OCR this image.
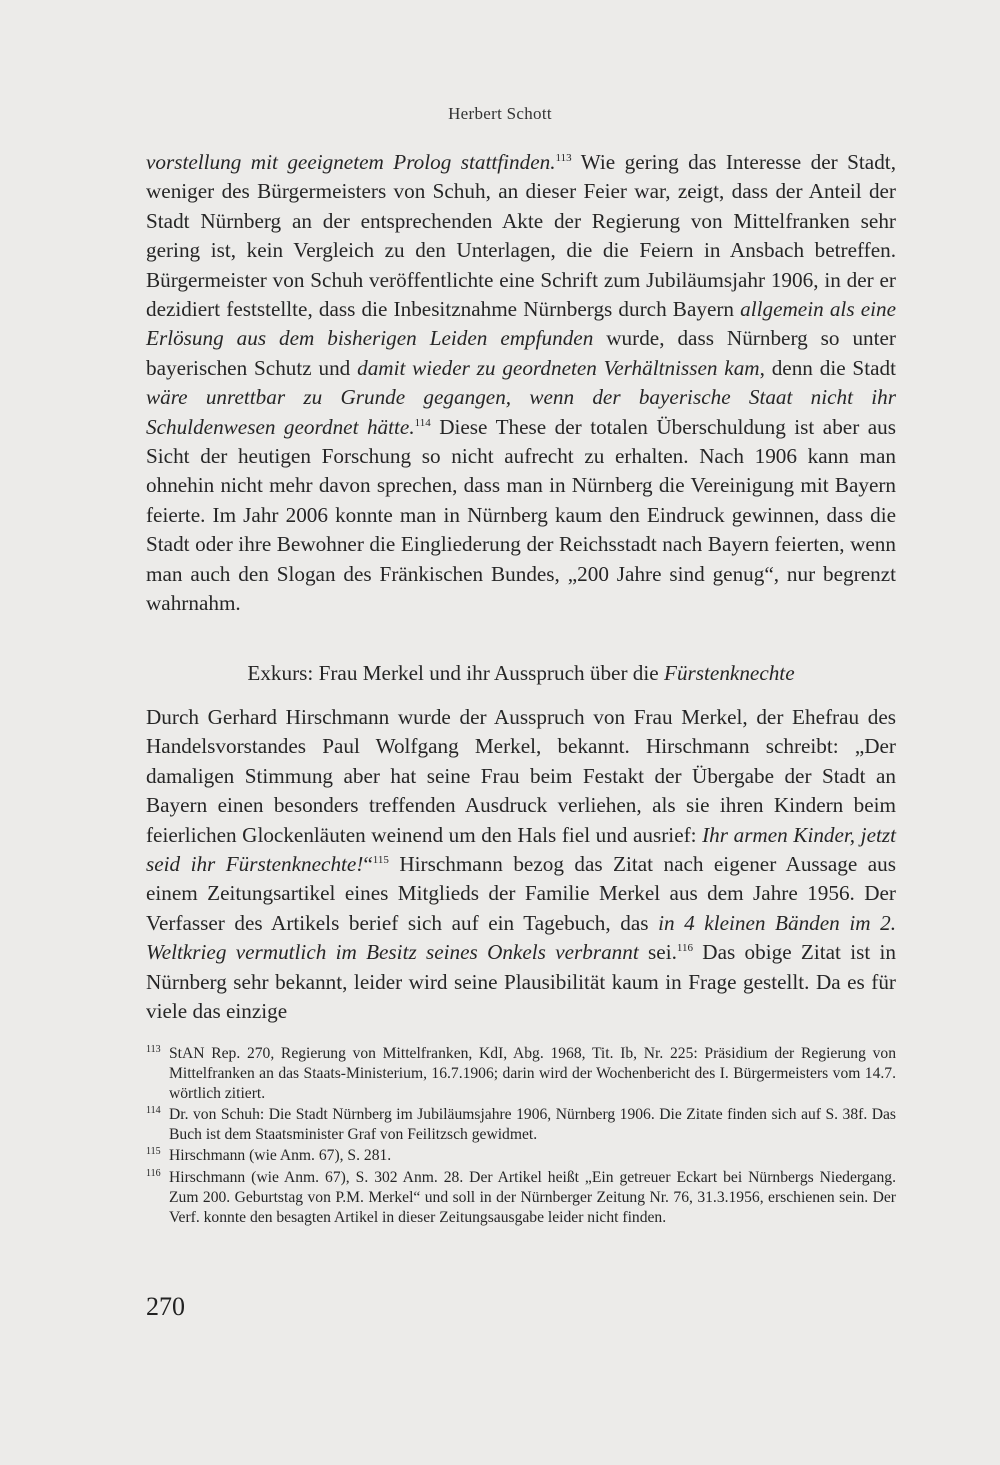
Herbert Schott

vorstellung mit geeignetem Prolog stattfinden.$^{113}$ Wie gering das Interesse der Stadt, weniger des Bürgermeisters von Schuh, an dieser Feier war, zeigt, dass der Anteil der Stadt Nürnberg an der entsprechenden Akte der Regierung von Mittelfranken sehr gering ist, kein Vergleich zu den Unterlagen, die die Feiern in Ansbach betreffen. Bürgermeister von Schuh veröffentlichte eine Schrift zum Jubiläumsjahr 1906, in der er dezidiert feststellte, dass die Inbesitznahme Nürnbergs durch Bayern allgemein als eine Erlösung aus dem bisherigen Leiden empfunden wurde, dass Nürnberg so unter bayerischen Schutz und damit wieder zu geordneten Verhältnissen kam, denn die Stadt wäre unrettbar zu Grunde gegangen, wenn der bayerische Staat nicht ihr Schuldenwesen geordnet hätte.$^{114}$ Diese These der totalen Überschuldung ist aber aus Sicht der heutigen Forschung so nicht aufrecht zu erhalten. Nach 1906 kann man ohnehin nicht mehr davon sprechen, dass man in Nürnberg die Vereinigung mit Bayern feierte. Im Jahr 2006 konnte man in Nürnberg kaum den Eindruck gewinnen, dass die Stadt oder ihre Bewohner die Eingliederung der Reichsstadt nach Bayern feierten, wenn man auch den Slogan des Fränkischen Bundes, „200 Jahre sind genug“, nur begrenzt wahrnahm.

Exkurs: Frau Merkel und ihr Ausspruch über die Fürstenknechte

Durch Gerhard Hirschmann wurde der Ausspruch von Frau Merkel, der Ehefrau des Handelsvorstandes Paul Wolfgang Merkel, bekannt. Hirschmann schreibt: „Der damaligen Stimmung aber hat seine Frau beim Festakt der Übergabe der Stadt an Bayern einen besonders treffenden Ausdruck verliehen, als sie ihren Kindern beim feierlichen Glockenläuten weinend um den Hals fiel und ausrief: Ihr armen Kinder, jetzt seid ihr Fürstenknechte!“$^{115}$ Hirschmann bezog das Zitat nach eigener Aussage aus einem Zeitungsartikel eines Mitglieds der Familie Merkel aus dem Jahre 1956. Der Verfasser des Artikels berief sich auf ein Tagebuch, das in 4 kleinen Bänden im 2. Weltkrieg vermutlich im Besitz seines Onkels verbrannt sei.$^{116}$ Das obige Zitat ist in Nürnberg sehr bekannt, leider wird seine Plausibilität kaum in Frage gestellt. Da es für viele das einzige

113 StAN Rep. 270, Regierung von Mittelfranken, KdI, Abg. 1968, Tit. Ib, Nr. 225: Präsidium der Regierung von Mittelfranken an das Staats-Ministerium, 16.7.1906; darin wird der Wochenbericht des I. Bürgermeisters vom 14.7. wörtlich zitiert.
114 Dr. von Schuh: Die Stadt Nürnberg im Jubiläumsjahre 1906, Nürnberg 1906. Die Zitate finden sich auf S. 38f. Das Buch ist dem Staatsminister Graf von Feilitzsch gewidmet.
115 Hirschmann (wie Anm. 67), S. 281.
116 Hirschmann (wie Anm. 67), S. 302 Anm. 28. Der Artikel heißt „Ein getreuer Eckart bei Nürnbergs Niedergang. Zum 200. Geburtstag von P.M. Merkel“ und soll in der Nürnberger Zeitung Nr. 76, 31.3.1956, erschienen sein. Der Verf. konnte den besagten Artikel in dieser Zeitungsausgabe leider nicht finden.
270
